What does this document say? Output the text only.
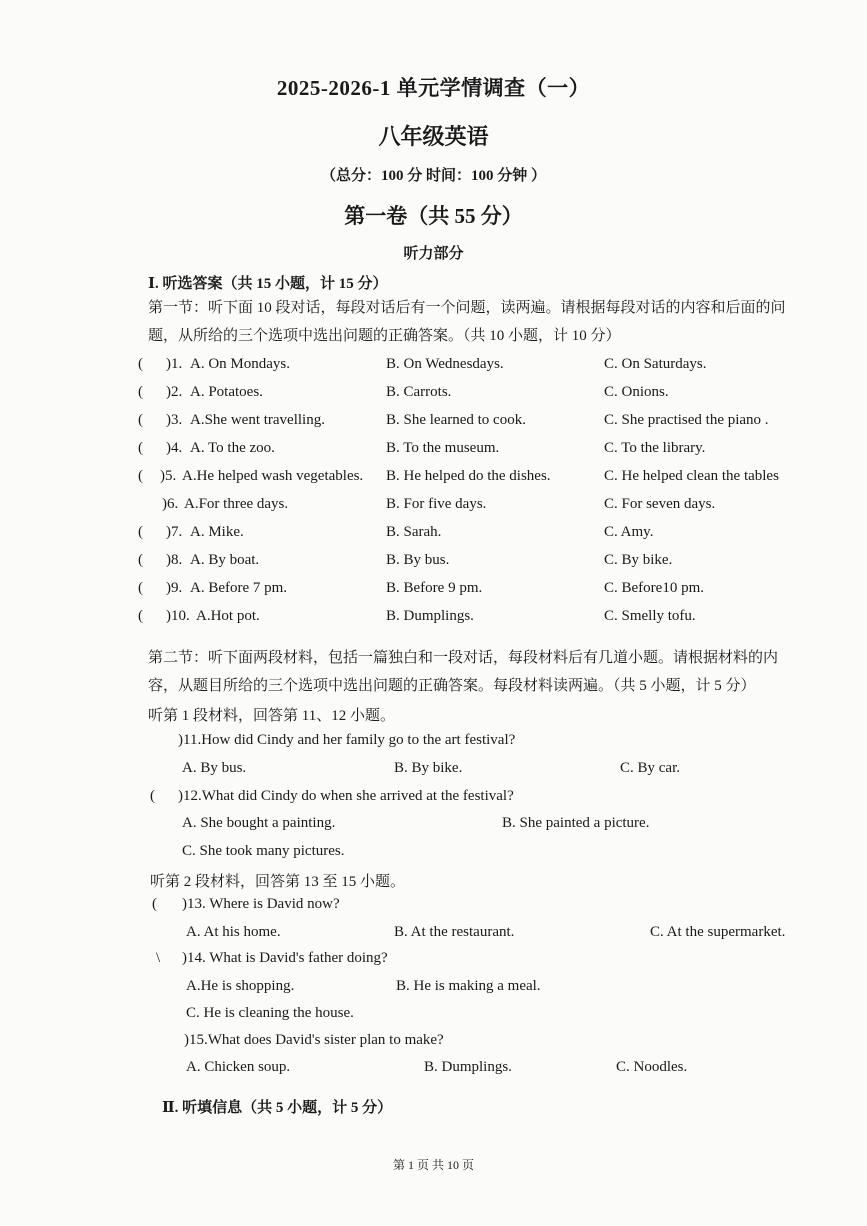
2025-2026-1 单元学情调查（一）
八年级英语
（总分：100 分 时间：100 分钟 ）
第一卷（共 55 分）
听力部分
Ⅰ. 听选答案（共 15 小题，计 15 分）
第一节：听下面 10 段对话，每段对话后有一个问题，读两遍。请根据每段对话的内容和后面的问题，从所给的三个选项中选出问题的正确答案。（共 10 小题，计 10 分）
( )1. A. On Mondays.	B. On Wednesdays.	C. On Saturdays.
( )2. A. Potatoes.	B. Carrots.	C. Onions.
( )3. A.She went travelling.	B. She learned to cook.	C. She practised the piano .
( )4. A. To the zoo.	B. To the museum.	C. To the library.
( )5. A.He helped wash vegetables. B. He helped do the dishes.	C. He helped clean the tables
)6. A.For three days.	B. For five days.	C. For seven days.
( )7. A. Mike.	B. Sarah.	C. Amy.
( )8. A. By boat.	B. By bus.	C. By bike.
( )9. A. Before 7 pm.	B. Before 9 pm.	C. Before10 pm.
( )10. A.Hot pot.	B. Dumplings.	C. Smelly tofu.
第二节：听下面两段材料，包括一篇独白和一段对话，每段材料后有几道小题。请根据材料的内容，从题目所给的三个选项中选出问题的正确答案。每段材料读两遍。（共 5 小题，计 5 分）
听第 1 段材料，回答第 11、12 小题。
)11.How did Cindy and her family go to the art festival?
A. By bus.	B. By bike.	C. By car.
( )12.What did Cindy do when she arrived at the festival?
A. She bought a painting.	B. She painted a picture.
C. She took many pictures.
听第 2 段材料，回答第 13 至 15 小题。
( )13. Where is David now?
A. At his home.	B. At the restaurant.	C. At the supermarket.
\ )14. What is David's father doing?
A.He is shopping.	B. He is making a meal.
C. He is cleaning the house.
)15.What does David's sister plan to make?
A. Chicken soup.	B. Dumplings.	C. Noodles.
Ⅱ. 听填信息（共 5 小题，计 5 分）
第 1 页 共 10 页
